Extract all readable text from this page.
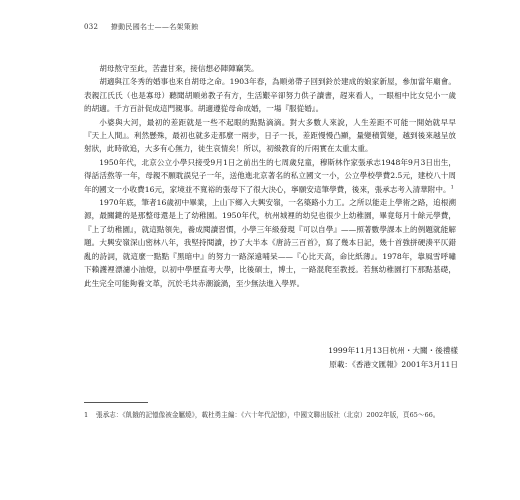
032 撩動民國名士——名架策蝕

胡母熬守至此，苦盡甘來，接信想必陣陣竊笑。

胡適與江冬秀的婚事也來自胡母之命。1903年春，為順弟帶子回到鈴於建成的娘家新屋，參加當年廟會。表親江氏氏（也是寡母）聽聞胡順弟教子有方，生活艱辛卻努力供子讀書，趕來看人，一眼相中比女兒小一歲的胡適。千方百計促成這門親事。胡適遵從母命成婚，一場『服從婚』。

小婆與大河，最初的差距就是一些不起眼的點點滴滴。對大多數人來說，人生差距不可能一開始就早早『天上人間』。利然懸殊，最初也就多走那麼一兩步，日子一長，差距慢慢凸顯，量變積質變，越到後來越呈放射狀，此時欲追，大多有心無力，徒生哀情矣！所以，初級教育的斤兩實在太重太重。

1950年代，北京公立小學只接受9月1日之前出生的七周歲兒童，穆斯林作家張承志1948年9月3日出生，得話活熬等一年，母親不願耽誤兒子一年，送他進北京著名的私立國文一小，公立學校學費2.5元，建校八十周年的國文一小收費16元，家境並不寬裕的張母下了很大決心，寧願安這筆學費，後來，張承志考入清華附中。$^1$

1970年底，筆者16歲初中畢業，上山下鄉入大興安嶺，一名築路小力工。之所以能走上學術之路，追根溯源，最關鍵的是那整母還是上了幼稚園。1950年代，杭州城裡的幼兒也很少上幼稚園，畢竟每月十餘元學費，『上了幼稚園』，就這點領先，養成閱讀習慣，小學三年級發現『可以自學』——照著數學課本上的例題就能解題。大興安嶺深山密林八年，我堅持閱讀，抄了大半本《唐詩三百首》，寫了幾本日記，幾十首強拼硬湊平仄錯亂的詩詞，就這麼一點點『黑暗中』的努力一路深遠哺呆——『心比天高，命比紙薄』。1978年，靠風雪呼嘯下賴護裡漂濾小油燈，以初中學歷直考大學，比後碩士，博士，一路混爬至教授。若無幼稚園打下那點基礎，此生完全可能夠養文革，沉於毛共赤潮漩渦，至少無法進入學界。

1999年11月13日杭州・大關・後禮樣
原載：《香港文匯報》2001年3月11日
1 張承志：《飢餓的記憶像被金屬燒》，載杜勇主編：《六十年代記憶》，中國文聯出版社（北京）2002年版，頁65～66。
